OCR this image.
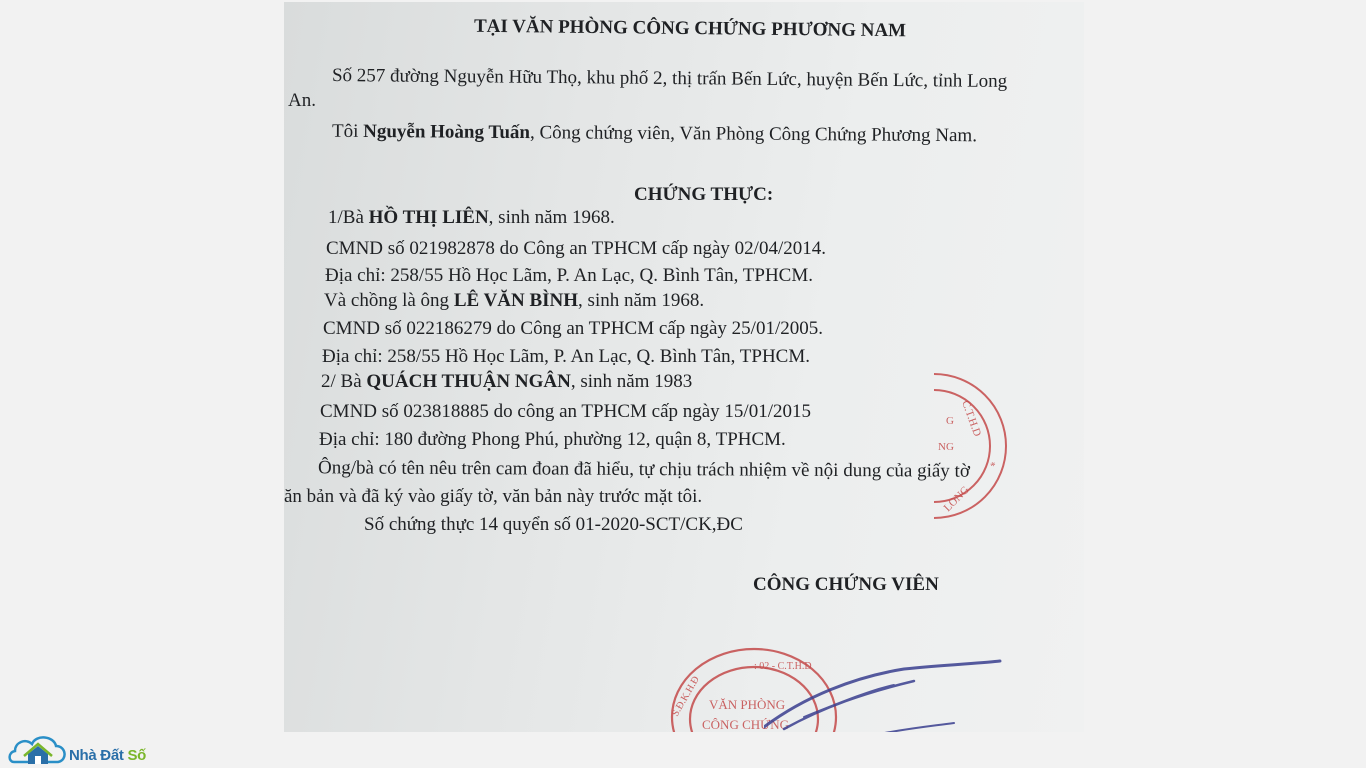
TẠI VĂN PHÒNG CÔNG CHỨNG PHƯƠNG NAM
Số 257 đường Nguyễn Hữu Thọ, khu phố 2, thị trấn Bến Lức, huyện Bến Lức, tỉnh Long
An.
Tôi Nguyễn Hoàng Tuấn, Công chứng viên, Văn Phòng Công Chứng Phương Nam.
CHỨNG THỰC:
1/Bà HỒ THỊ LIÊN, sinh năm 1968.
CMND số 021982878 do Công an TPHCM cấp ngày 02/04/2014.
Địa chỉ: 258/55 Hồ Học Lãm, P. An Lạc, Q. Bình Tân, TPHCM.
Và chồng là ông LÊ VĂN BÌNH, sinh năm 1968.
CMND số 022186279 do Công an TPHCM cấp ngày 25/01/2005.
Địa chỉ: 258/55 Hồ Học Lãm, P. An Lạc, Q. Bình Tân, TPHCM.
2/ Bà QUÁCH THUẬN NGÂN, sinh năm 1983
CMND số 023818885 do công an TPHCM cấp ngày 15/01/2015
Địa chỉ: 180 đường Phong Phú, phường 12, quận 8, TPHCM.
Ông/bà có tên nêu trên cam đoan đã hiểu, tự chịu trách nhiệm về nội dung của giấy tờ
ăn bản và đã ký vào giấy tờ, văn bản này trước mặt tôi.
Số chứng thực 14 quyển số 01-2020-SCT/CK,ĐC
CÔNG CHỨNG VIÊN
C.T.H.D
G
NG
*
LONG
S.Đ.K.H.Đ
: 02 - C.T.H.D
VĂN PHÒNG
CÔNG CHỨNG
Nhà Đất Số
